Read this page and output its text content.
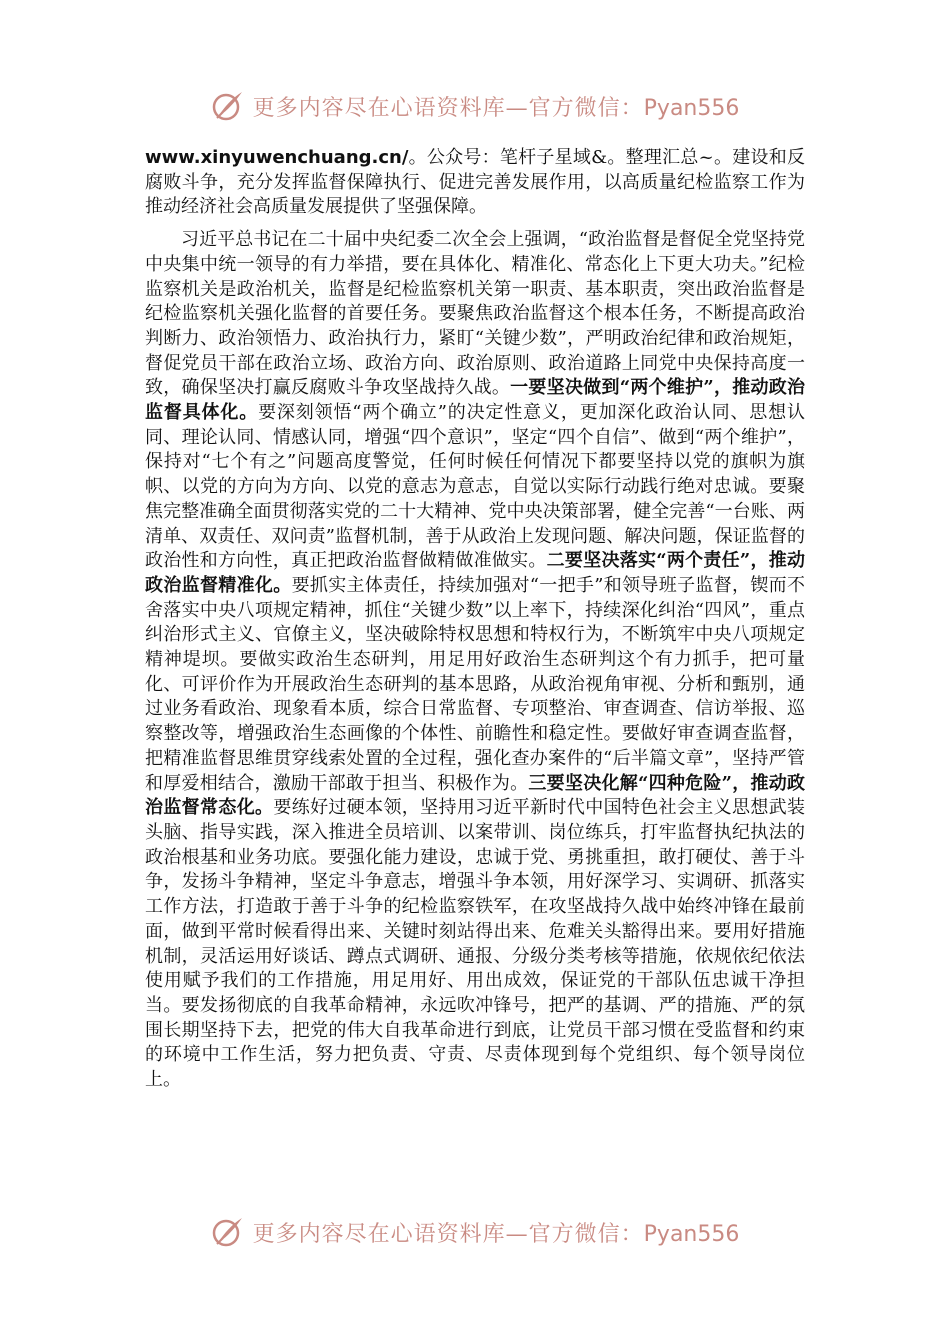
更多内容尽在心语资料库—官方微信：Pyan556

www.xinyuwenchuang.cn/。公众号：笔杆子星域&。整理汇总~。建设和反腐败斗争，充分发挥监督保障执行、促进完善发展作用，以高质量纪检监察工作为推动经济社会高质量发展提供了坚强保障。

习近平总书记在二十届中央纪委二次全会上强调，“政治监督是督促全党坚持党中央集中统一领导的有力举措，要在具体化、精准化、常态化上下更大功夫。”纪检监察机关是政治机关，监督是纪检监察机关第一职责、基本职责，突出政治监督是纪检监察机关强化监督的首要任务。要聚焦政治监督这个根本任务，不断提高政治判断力、政治领悟力、政治执行力，紧盯“关键少数”，严明政治纪律和政治规矩，督促党员干部在政治立场、政治方向、政治原则、政治道路上同党中央保持高度一致，确保坚决打赢反腐败斗争攻坚战持久战。一要坚决做到“两个维护”，推动政治监督具体化。要深刻领悟“两个确立”的决定性意义，更加深化政治认同、思想认同、理论认同、情感认同，增强“四个意识”，坚定“四个自信”、做到“两个维护”，保持对“七个有之”问题高度警觉，任何时候任何情况下都要坚持以党的旗帜为旗帜、以党的方向为方向、以党的意志为意志，自觉以实际行动践行绝对忠诚。要聚焦完整准确全面贯彻落实党的二十大精神、党中央决策部署，健全完善“一台账、两清单、双责任、双问责”监督机制，善于从政治上发现问题、解决问题，保证监督的政治性和方向性，真正把政治监督做精做准做实。二要坚决落实“两个责任”，推动政治监督精准化。要抓实主体责任，持续加强对“一把手”和领导班子监督，锲而不舍落实中央八项规定精神，抓住“关键少数”以上率下，持续深化纠治“四风”，重点纠治形式主义、官僚主义，坚决破除特权思想和特权行为，不断筑牢中央八项规定精神堤坝。要做实政治生态研判，用足用好政治生态研判这个有力抓手，把可量化、可评价作为开展政治生态研判的基本思路，从政治视角审视、分析和甄别，通过业务看政治、现象看本质，综合日常监督、专项整治、审查调查、信访举报、巡察整改等，增强政治生态画像的个体性、前瞻性和稳定性。要做好审查调查监督，把精准监督思维贯穿线索处置的全过程，强化查办案件的“后半篇文章”，坚持严管和厚爱相结合，激励干部敢于担当、积极作为。三要坚决化解“四种危险”，推动政治监督常态化。要练好过硬本领，坚持用习近平新时代中国特色社会主义思想武装头脑、指导实践，深入推进全员培训、以案带训、岗位练兵，打牢监督执纪执法的政治根基和业务功底。要强化能力建设，忠诚于党、勇挑重担，敢打硬仗、善于斗争，发扬斗争精神，坚定斗争意志，增强斗争本领，用好深学习、实调研、抓落实工作方法，打造敢于善于斗争的纪检监察铁军，在攻坚战持久战中始终冲锋在最前面，做到平常时候看得出来、关键时刻站得出来、危难关头豁得出来。要用好措施机制，灵活运用好谈话、蹲点式调研、通报、分级分类考核等措施，依规依纪依法使用赋予我们的工作措施，用足用好、用出成效，保证党的干部队伍忠诚干净担当。要发扬彻底的自我革命精神，永远吹冲锋号，把严的基调、严的措施、严的氛围长期坚持下去，把党的伟大自我革命进行到底，让党员干部习惯在受监督和约束的环境中工作生活，努力把负责、守责、尽责体现到每个党组织、每个领导岗位上。

更多内容尽在心语资料库—官方微信：Pyan556
